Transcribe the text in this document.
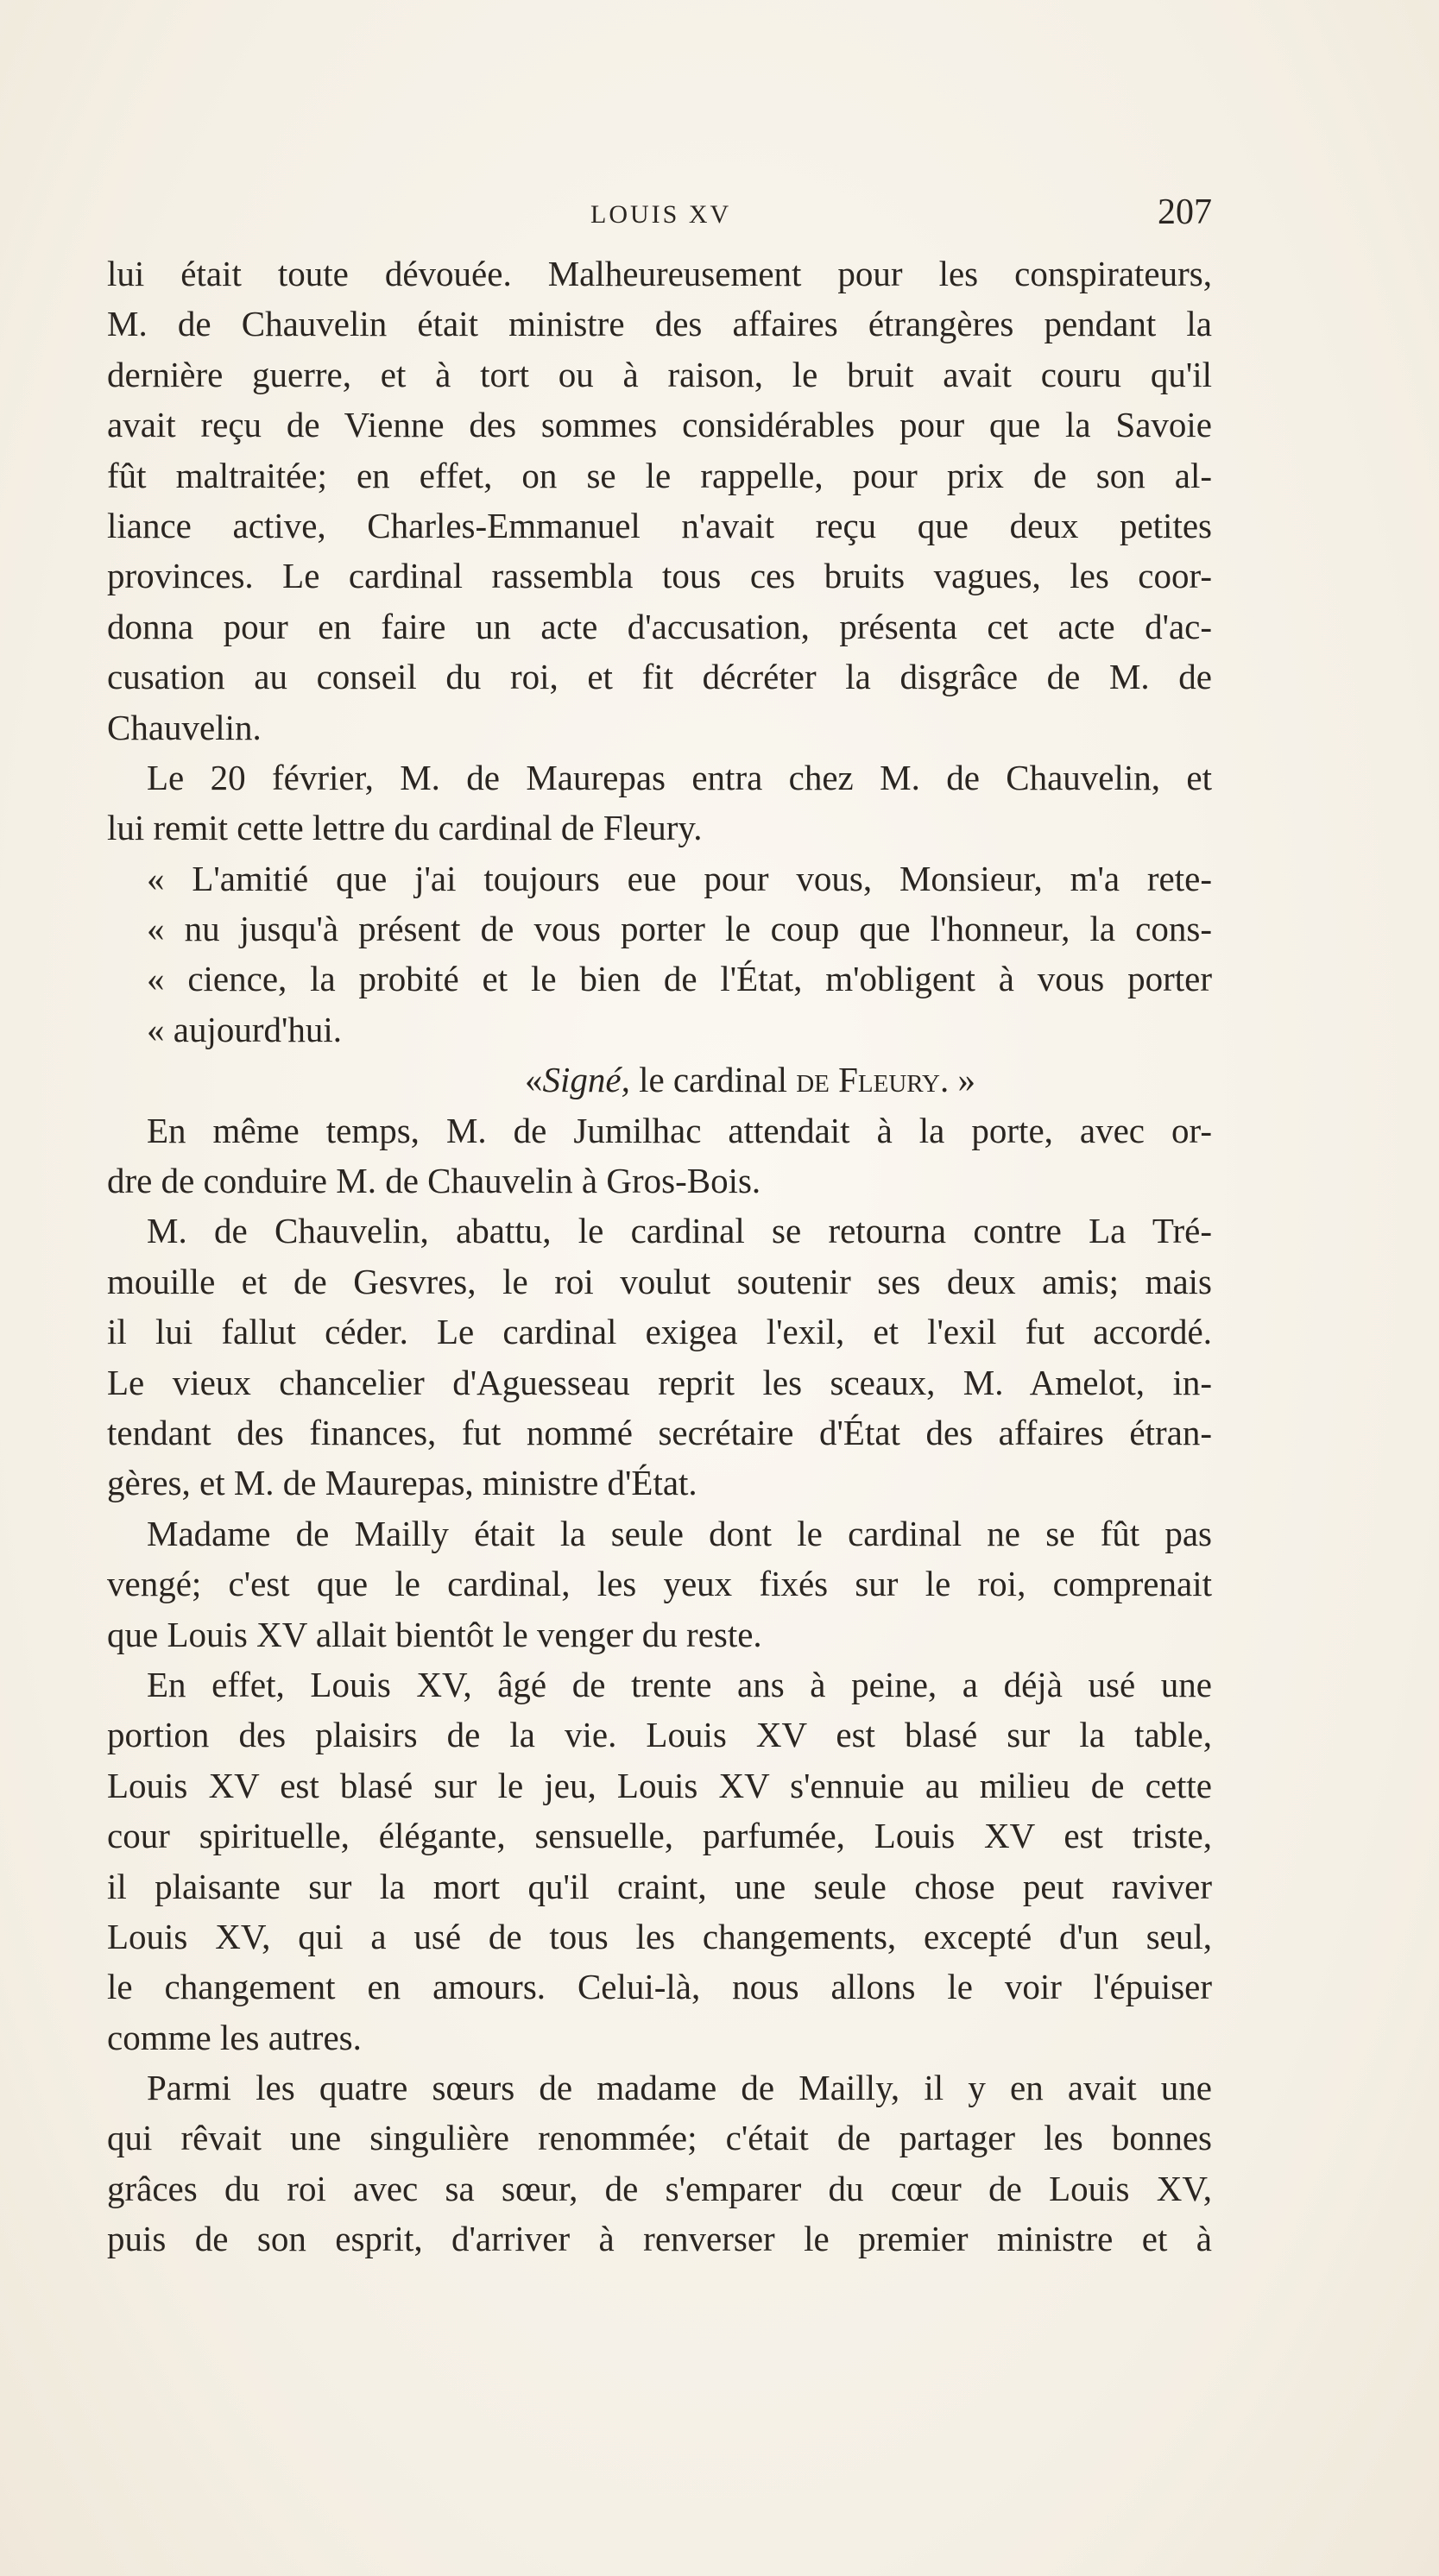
LOUIS XV	207
lui était toute dévouée. Malheureusement pour les conspirateurs,
M. de Chauvelin était ministre des affaires étrangères pendant la
dernière guerre, et à tort ou à raison, le bruit avait couru qu'il
avait reçu de Vienne des sommes considérables pour que la Savoie
fût maltraitée; en effet, on se le rappelle, pour prix de son al-
liance active, Charles-Emmanuel n'avait reçu que deux petites
provinces. Le cardinal rassembla tous ces bruits vagues, les coor-
donna pour en faire un acte d'accusation, présenta cet acte d'ac-
cusation au conseil du roi, et fit décréter la disgrâce de M. de
Chauvelin.
Le 20 février, M. de Maurepas entra chez M. de Chauvelin, et
lui remit cette lettre du cardinal de Fleury.
« L'amitié que j'ai toujours eue pour vous, Monsieur, m'a rete-
« nu jusqu'à présent de vous porter le coup que l'honneur, la cons-
« cience, la probité et le bien de l'État, m'obligent à vous porter
« aujourd'hui.
«Signé, le cardinal de Fleury. »
En même temps, M. de Jumilhac attendait à la porte, avec or-
dre de conduire M. de Chauvelin à Gros-Bois.
M. de Chauvelin, abattu, le cardinal se retourna contre La Tré-
mouille et de Gesvres, le roi voulut soutenir ses deux amis; mais
il lui fallut céder. Le cardinal exigea l'exil, et l'exil fut accordé.
Le vieux chancelier d'Aguesseau reprit les sceaux, M. Amelot, in-
tendant des finances, fut nommé secrétaire d'État des affaires étran-
gères, et M. de Maurepas, ministre d'État.
Madame de Mailly était la seule dont le cardinal ne se fût pas
vengé; c'est que le cardinal, les yeux fixés sur le roi, comprenait
que Louis XV allait bientôt le venger du reste.
En effet, Louis XV, âgé de trente ans à peine, a déjà usé une
portion des plaisirs de la vie. Louis XV est blasé sur la table,
Louis XV est blasé sur le jeu, Louis XV s'ennuie au milieu de cette
cour spirituelle, élégante, sensuelle, parfumée, Louis XV est triste,
il plaisante sur la mort qu'il craint, une seule chose peut raviver
Louis XV, qui a usé de tous les changements, excepté d'un seul,
le changement en amours. Celui-là, nous allons le voir l'épuiser
comme les autres.
Parmi les quatre sœurs de madame de Mailly, il y en avait une
qui rêvait une singulière renommée; c'était de partager les bonnes
grâces du roi avec sa sœur, de s'emparer du cœur de Louis XV,
puis de son esprit, d'arriver à renverser le premier ministre et à
